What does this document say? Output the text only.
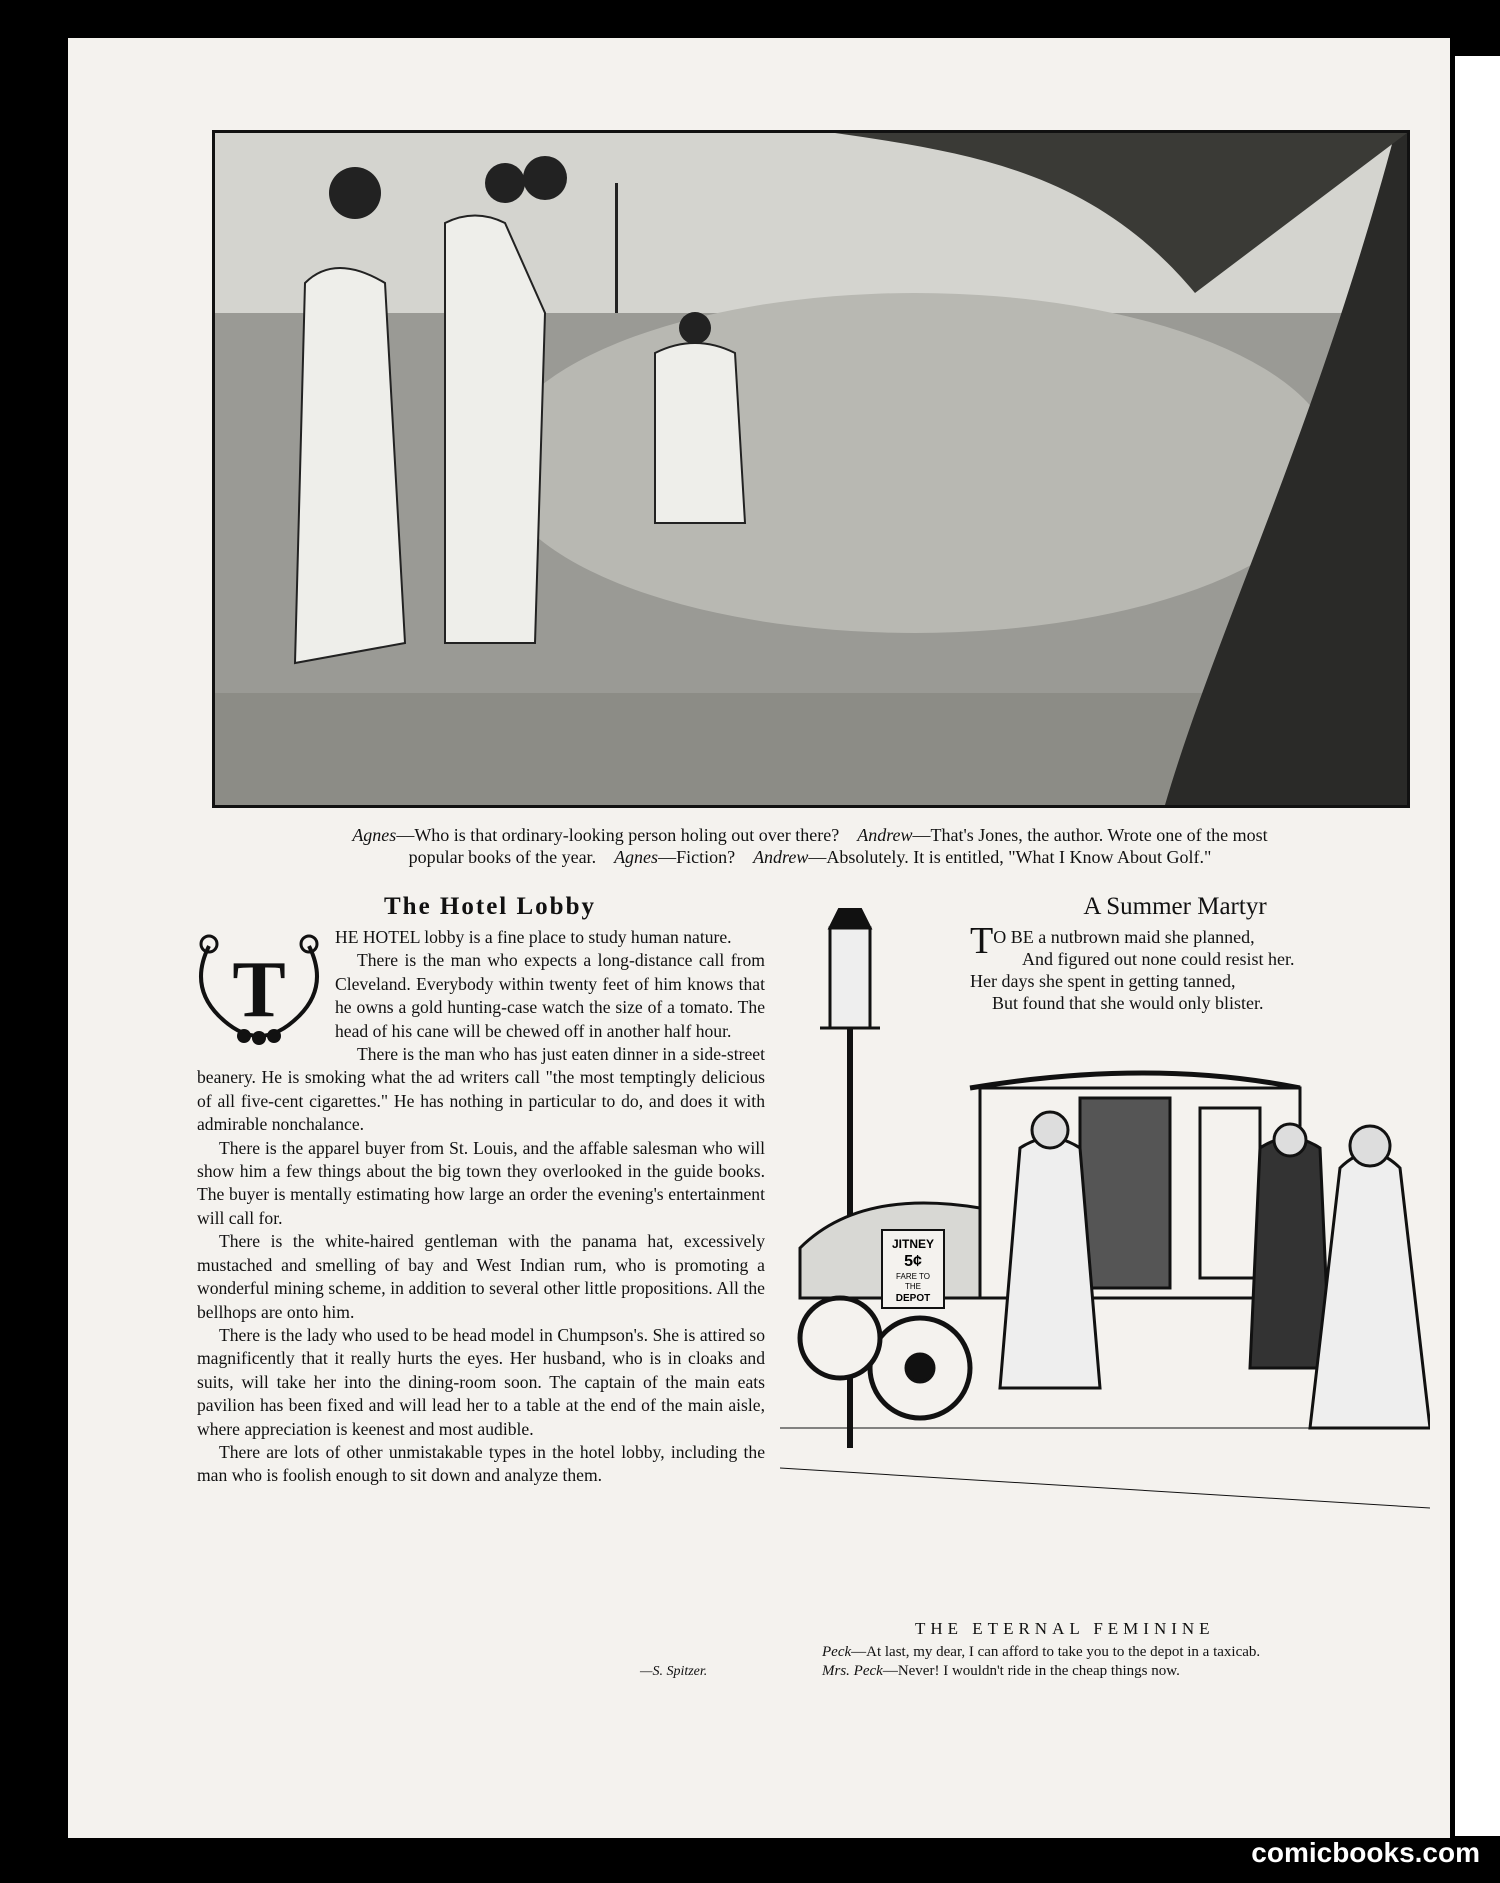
Agnes—Who is that ordinary-looking person holing out over there? Andrew—That's Jones, the author. Wrote one of the most
popular books of the year. Agnes—Fiction? Andrew—Absolutely. It is entitled, "What I Know About Golf."
The Hotel Lobby
T

HE HOTEL lobby is a fine place to study human nature.

There is the man who expects a long-distance call from Cleveland. Everybody within twenty feet of him knows that he owns a gold hunting-case watch the size of a tomato. The head of his cane will be chewed off in another half hour.

There is the man who has just eaten dinner in a side-street beanery. He is smoking what the ad writers call "the most temptingly delicious of all five-cent cigarettes." He has nothing in particular to do, and does it with admirable nonchalance.

There is the apparel buyer from St. Louis, and the affable salesman who will show him a few things about the big town they overlooked in the guide books. The buyer is mentally estimating how large an order the evening's entertainment will call for.

There is the white-haired gentleman with the panama hat, excessively mustached and smelling of bay and West Indian rum, who is promoting a wonderful mining scheme, in addition to several other little propositions. All the bellhops are onto him.

There is the lady who used to be head model in Chumpson's. She is attired so magnificently that it really hurts the eyes. Her husband, who is in cloaks and suits, will take her into the dining-room soon. The captain of the main eats pavilion has been fixed and will lead her to a table at the end of the main aisle, where appreciation is keenest and most audible.

There are lots of other unmistakable types in the hotel lobby, including the man who is foolish enough to sit down and analyze them.

—S. Spitzer.
A Summer Martyr
T O BE a nutbrown maid she planned,
And figured out none could resist her.
Her days she spent in getting tanned,
But found that she would only blister.
JITNEY
5¢
FARE TO
THE
DEPOT
THE ETERNAL FEMININE
Peck—At last, my dear, I can afford to take you to the depot in a taxicab.
Mrs. Peck—Never! I wouldn't ride in the cheap things now.
comicbooks.com
